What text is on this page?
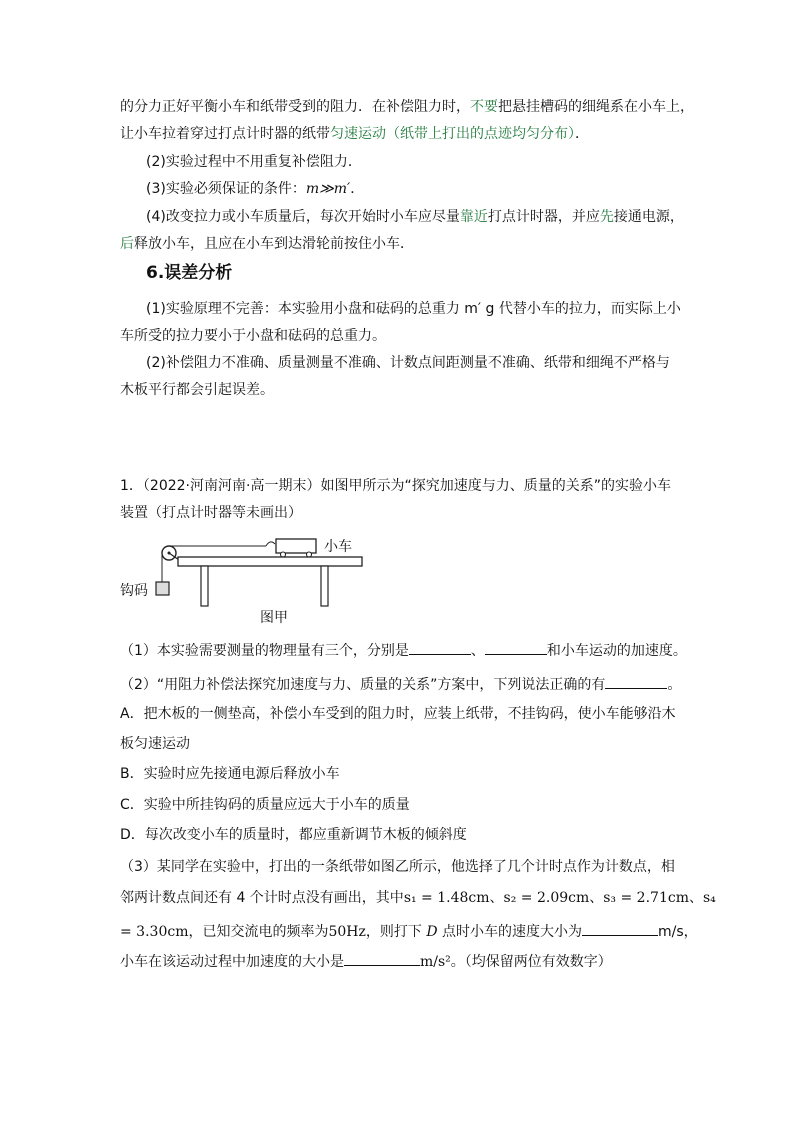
的分力正好平衡小车和纸带受到的阻力．在补偿阻力时，不要把悬挂槽码的细绳系在小车上，
让小车拉着穿过打点计时器的纸带匀速运动（纸带上打出的点迹均匀分布）．
(2)实验过程中不用重复补偿阻力．
(3)实验必须保证的条件：m≫m′．
(4)改变拉力或小车质量后，每次开始时小车应尽量靠近打点计时器，并应先接通电源，
后释放小车，且应在小车到达滑轮前按住小车．
6.误差分析
(1)实验原理不完善：本实验用小盘和砝码的总重力 m′ g 代替小车的拉力，而实际上小
车所受的拉力要小于小盘和砝码的总重力。
(2)补偿阻力不准确、质量测量不准确、计数点间距测量不准确、纸带和细绳不严格与
木板平行都会引起误差。
1．（2022·河南河南·高一期末）如图甲所示为“探究加速度与力、质量的关系”的实验小车
装置（打点计时器等未画出）
小车
钩码
图甲
（1）本实验需要测量的物理量有三个，分别是	、	和小车运动的加速度。
（2）“用阻力补偿法探究加速度与力、质量的关系”方案中，下列说法正确的有	。
A．把木板的一侧垫高，补偿小车受到的阻力时，应装上纸带，不挂钩码，使小车能够沿木
板匀速运动
B．实验时应先接通电源后释放小车
C．实验中所挂钩码的质量应远大于小车的质量
D．每次改变小车的质量时，都应重新调节木板的倾斜度
（3）某同学在实验中，打出的一条纸带如图乙所示，他选择了几个计时点作为计数点，相
邻两计数点间还有 4 个计时点没有画出，其中s₁ = 1.48cm、s₂ = 2.09cm、s₃ = 2.71cm、s₄
= 3.30cm，已知交流电的频率为50Hz，则打下 D 点时小车的速度大小为	m/s，
小车在该运动过程中加速度的大小是	m/s²。（均保留两位有效数字）
